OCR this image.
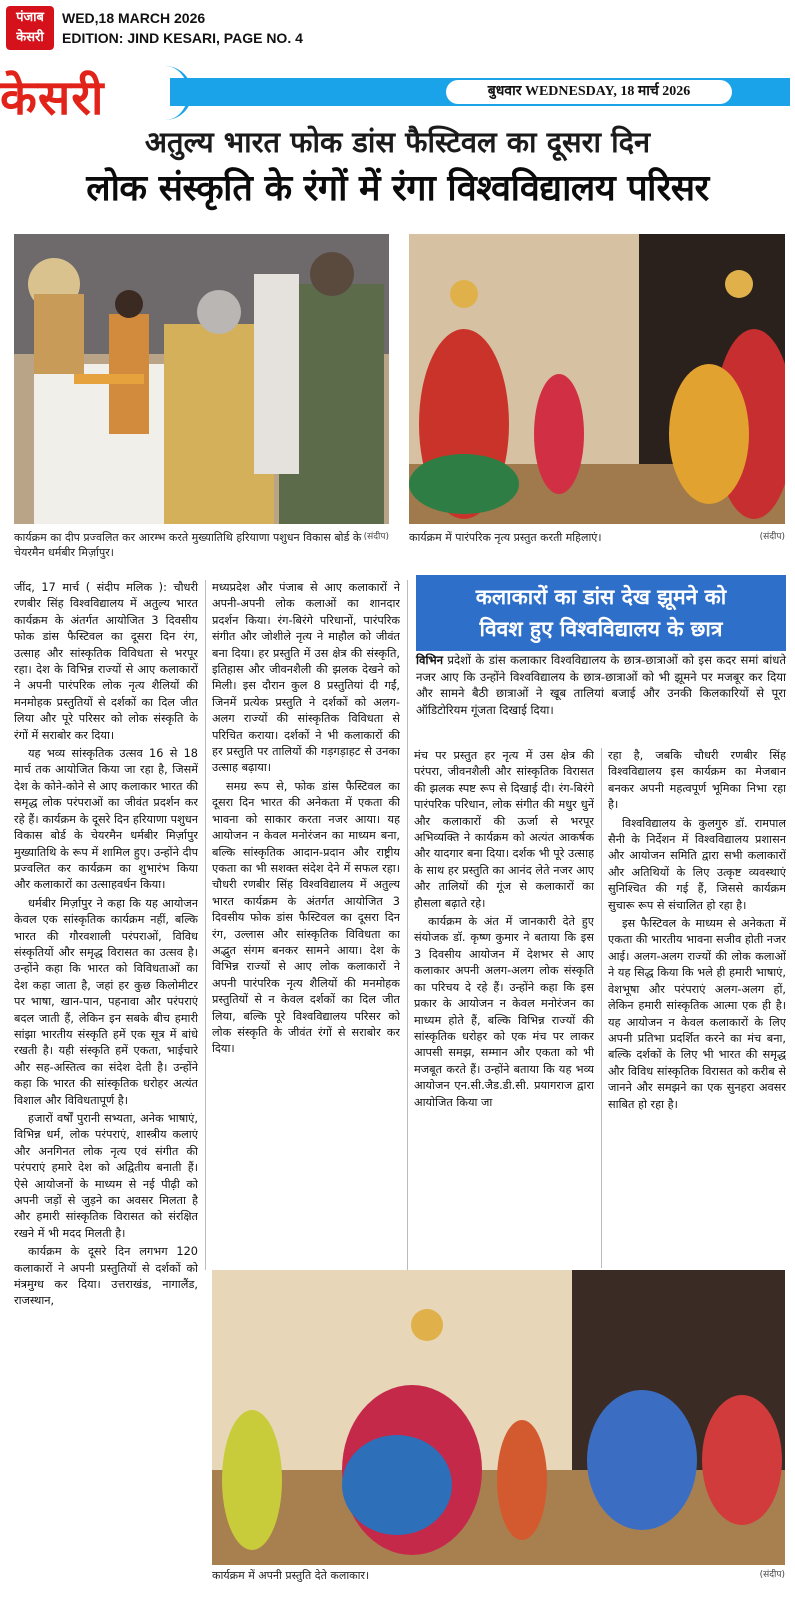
पंजाब
केसरी
WED,18 MARCH 2026
EDITION: JIND KESARI, PAGE NO. 4
केसरी	बुधवार WEDNESDAY, 18 मार्च 2026
अतुल्य भारत फोक डांस फैस्टिवल का दूसरा दिन
लोक संस्कृति के रंगों में रंगा विश्वविद्यालय परिसर
(संदीप)
कार्यक्रम का दीप प्रज्वलित कर आरम्भ करते मुख्यातिथि हरियाणा पशुधन विकास बोर्ड के चेयरमैन धर्मबीर मिर्ज़ापुर।
(संदीप)
कार्यक्रम में पारंपरिक नृत्य प्रस्तुत करती महिलाएं।

जींद, 17 मार्च ( संदीप मलिक ): चौधरी रणबीर सिंह विश्वविद्यालय में अतुल्य भारत कार्यक्रम के अंतर्गत आयोजित 3 दिवसीय फोक डांस फैस्टिवल का दूसरा दिन रंग, उत्साह और सांस्कृतिक विविधता से भरपूर रहा। देश के विभिन्न राज्यों से आए कलाकारों ने अपनी पारंपरिक लोक नृत्य शैलियों की मनमोहक प्रस्तुतियों से दर्शकों का दिल जीत लिया और पूरे परिसर को लोक संस्कृति के रंगों में सराबोर कर दिया।

यह भव्य सांस्कृतिक उत्सव 16 से 18 मार्च तक आयोजित किया जा रहा है, जिसमें देश के कोने-कोने से आए कलाकार भारत की समृद्ध लोक परंपराओं का जीवंत प्रदर्शन कर रहे हैं। कार्यक्रम के दूसरे दिन हरियाणा पशुधन विकास बोर्ड के चेयरमैन धर्मबीर मिर्ज़ापुर मुख्यातिथि के रूप में शामिल हुए। उन्होंने दीप प्रज्वलित कर कार्यक्रम का शुभारंभ किया और कलाकारों का उत्साहवर्धन किया।

धर्मबीर मिर्ज़ापुर ने कहा कि यह आयोजन केवल एक सांस्कृतिक कार्यक्रम नहीं, बल्कि भारत की गौरवशाली परंपराओं, विविध संस्कृतियों और समृद्ध विरासत का उत्सव है। उन्होंने कहा कि भारत को विविधताओं का देश कहा जाता है, जहां हर कुछ किलोमीटर पर भाषा, खान-पान, पहनावा और परंपराएं बदल जाती हैं, लेकिन इन सबके बीच हमारी सांझा भारतीय संस्कृति हमें एक सूत्र में बांधे रखती है। यही संस्कृति हमें एकता, भाईचारे और सह-अस्तित्व का संदेश देती है। उन्होंने कहा कि भारत की सांस्कृतिक धरोहर अत्यंत विशाल और विविधतापूर्ण है।

हजारों वर्षों पुरानी सभ्यता, अनेक भाषाएं, विभिन्न धर्म, लोक परंपराएं, शास्त्रीय कलाएं और अनगिनत लोक नृत्य एवं संगीत की परंपराएं हमारे देश को अद्वितीय बनाती हैं। ऐसे आयोजनों के माध्यम से नई पीढ़ी को अपनी जड़ों से जुड़ने का अवसर मिलता है और हमारी सांस्कृतिक विरासत को संरक्षित रखने में भी मदद मिलती है।

कार्यक्रम के दूसरे दिन लगभग 120 कलाकारों ने अपनी प्रस्तुतियों से दर्शकों को मंत्रमुग्ध कर दिया। उत्तराखंड, नागालैंड, राजस्थान,

मध्यप्रदेश और पंजाब से आए कलाकारों ने अपनी-अपनी लोक कलाओं का शानदार प्रदर्शन किया। रंग-बिरंगे परिधानों, पारंपरिक संगीत और जोशीले नृत्य ने माहौल को जीवंत बना दिया। हर प्रस्तुति में उस क्षेत्र की संस्कृति, इतिहास और जीवनशैली की झलक देखने को मिली। इस दौरान कुल 8 प्रस्तुतियां दी गईं, जिनमें प्रत्येक प्रस्तुति ने दर्शकों को अलग-अलग राज्यों की सांस्कृतिक विविधता से परिचित कराया। दर्शकों ने भी कलाकारों की हर प्रस्तुति पर तालियों की गड़गड़ाहट से उनका उत्साह बढ़ाया।

समग्र रूप से, फोक डांस फैस्टिवल का दूसरा दिन भारत की अनेकता में एकता की भावना को साकार करता नजर आया। यह आयोजन न केवल मनोरंजन का माध्यम बना, बल्कि सांस्कृतिक आदान-प्रदान और राष्ट्रीय एकता का भी सशक्त संदेश देने में सफल रहा। चौधरी रणबीर सिंह विश्वविद्यालय में अतुल्य भारत कार्यक्रम के अंतर्गत आयोजित 3 दिवसीय फोक डांस फैस्टिवल का दूसरा दिन रंग, उल्लास और सांस्कृतिक विविधता का अद्भुत संगम बनकर सामने आया। देश के विभिन्न राज्यों से आए लोक कलाकारों ने अपनी पारंपरिक नृत्य शैलियों की मनमोहक प्रस्तुतियों से न केवल दर्शकों का दिल जीत लिया, बल्कि पूरे विश्वविद्यालय परिसर को लोक संस्कृति के जीवंत रंगों से सराबोर कर दिया।

कलाकारों का डांस देख झूमने को
विवश हुए विश्वविद्यालय के छात्र
विभिन प्रदेशों के डांस कलाकार विश्वविद्यालय के छात्र-छात्राओं को इस कदर समां बांधते नजर आए कि उन्होंने विश्वविद्यालय के छात्र-छात्राओं को भी झूमने पर मजबूर कर दिया और सामने बैठी छात्राओं ने खूब तालियां बजाई और उनकी किलकारियों से पूरा ऑडिटोरियम गूंजता दिखाई दिया।

मंच पर प्रस्तुत हर नृत्य में उस क्षेत्र की परंपरा, जीवनशैली और सांस्कृतिक विरासत की झलक स्पष्ट रूप से दिखाई दी। रंग-बिरंगे पारंपरिक परिधान, लोक संगीत की मधुर धुनें और कलाकारों की ऊर्जा से भरपूर अभिव्यक्ति ने कार्यक्रम को अत्यंत आकर्षक और यादगार बना दिया। दर्शक भी पूरे उत्साह के साथ हर प्रस्तुति का आनंद लेते नजर आए और तालियों की गूंज से कलाकारों का हौसला बढ़ाते रहे।

कार्यक्रम के अंत में जानकारी देते हुए संयोजक डॉ. कृष्ण कुमार ने बताया कि इस 3 दिवसीय आयोजन में देशभर से आए कलाकार अपनी अलग-अलग लोक संस्कृति का परिचय दे रहे हैं। उन्होंने कहा कि इस प्रकार के आयोजन न केवल मनोरंजन का माध्यम होते हैं, बल्कि विभिन्न राज्यों की सांस्कृतिक धरोहर को एक मंच पर लाकर आपसी समझ, सम्मान और एकता को भी मजबूत करते हैं। उन्होंने बताया कि यह भव्य आयोजन एन.सी.जैड.डी.सी. प्रयागराज द्वारा आयोजित किया जा

रहा है, जबकि चौधरी रणबीर सिंह विश्वविद्यालय इस कार्यक्रम का मेजबान बनकर अपनी महत्वपूर्ण भूमिका निभा रहा है।

विश्वविद्यालय के कुलगुरु डॉ. रामपाल सैनी के निर्देशन में विश्वविद्यालय प्रशासन और आयोजन समिति द्वारा सभी कलाकारों और अतिथियों के लिए उत्कृष्ट व्यवस्थाएं सुनिश्चित की गई हैं, जिससे कार्यक्रम सुचारू रूप से संचालित हो रहा है।

इस फैस्टिवल के माध्यम से अनेकता में एकता की भारतीय भावना सजीव होती नजर आई। अलग-अलग राज्यों की लोक कलाओं ने यह सिद्ध किया कि भले ही हमारी भाषाएं, वेशभूषा और परंपराएं अलग-अलग हों, लेकिन हमारी सांस्कृतिक आत्मा एक ही है। यह आयोजन न केवल कलाकारों के लिए अपनी प्रतिभा प्रदर्शित करने का मंच बना, बल्कि दर्शकों के लिए भी भारत की समृद्ध और विविध सांस्कृतिक विरासत को करीब से जानने और समझने का एक सुनहरा अवसर साबित हो रहा है।

(संदीप)
कार्यक्रम में अपनी प्रस्तुति देते कलाकार।
